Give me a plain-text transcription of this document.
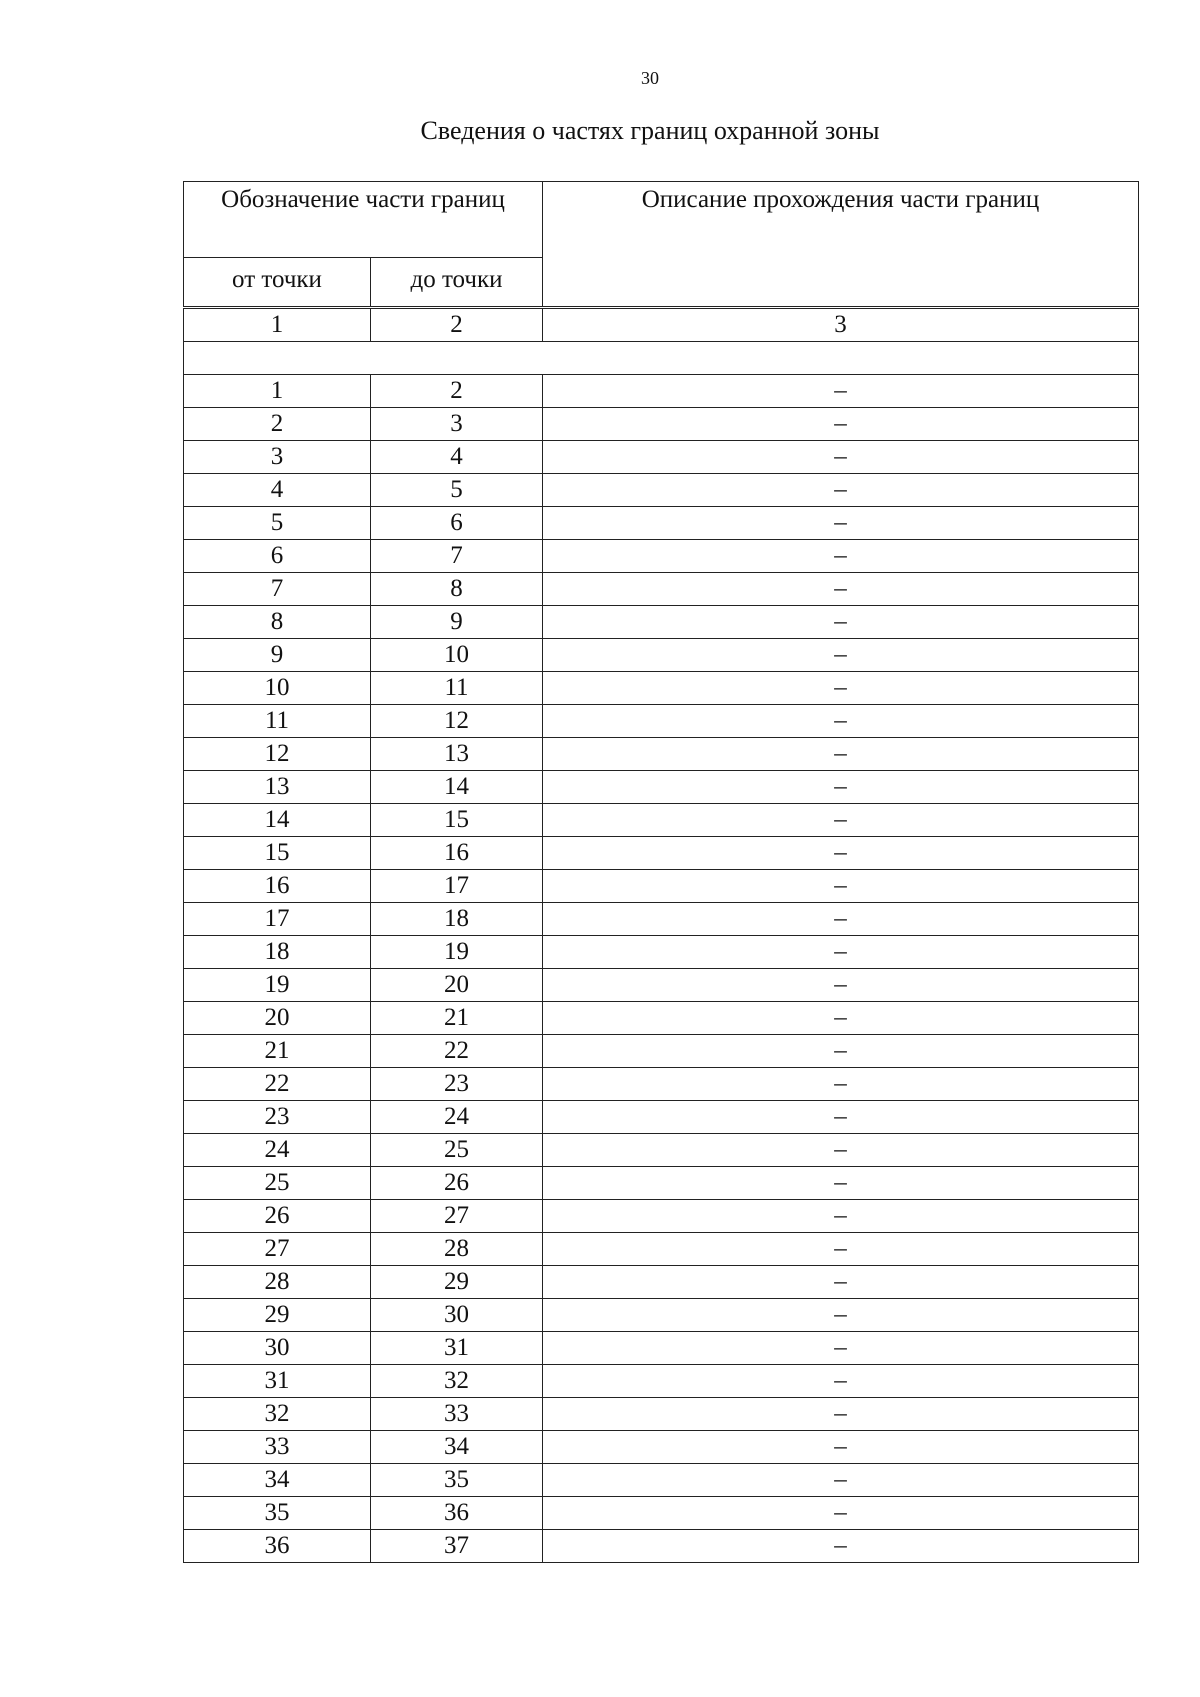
30
Сведения о частях границ охранной зоны
Обозначение части границ		Описание прохождения части границ
от точки	до точки	
1	2	3

1	2	–
2	3	–
3	4	–
4	5	–
5	6	–
6	7	–
7	8	–
8	9	–
9	10	–
10	11	–
11	12	–
12	13	–
13	14	–
14	15	–
15	16	–
16	17	–
17	18	–
18	19	–
19	20	–
20	21	–
21	22	–
22	23	–
23	24	–
24	25	–
25	26	–
26	27	–
27	28	–
28	29	–
29	30	–
30	31	–
31	32	–
32	33	–
33	34	–
34	35	–
35	36	–
36	37	–
